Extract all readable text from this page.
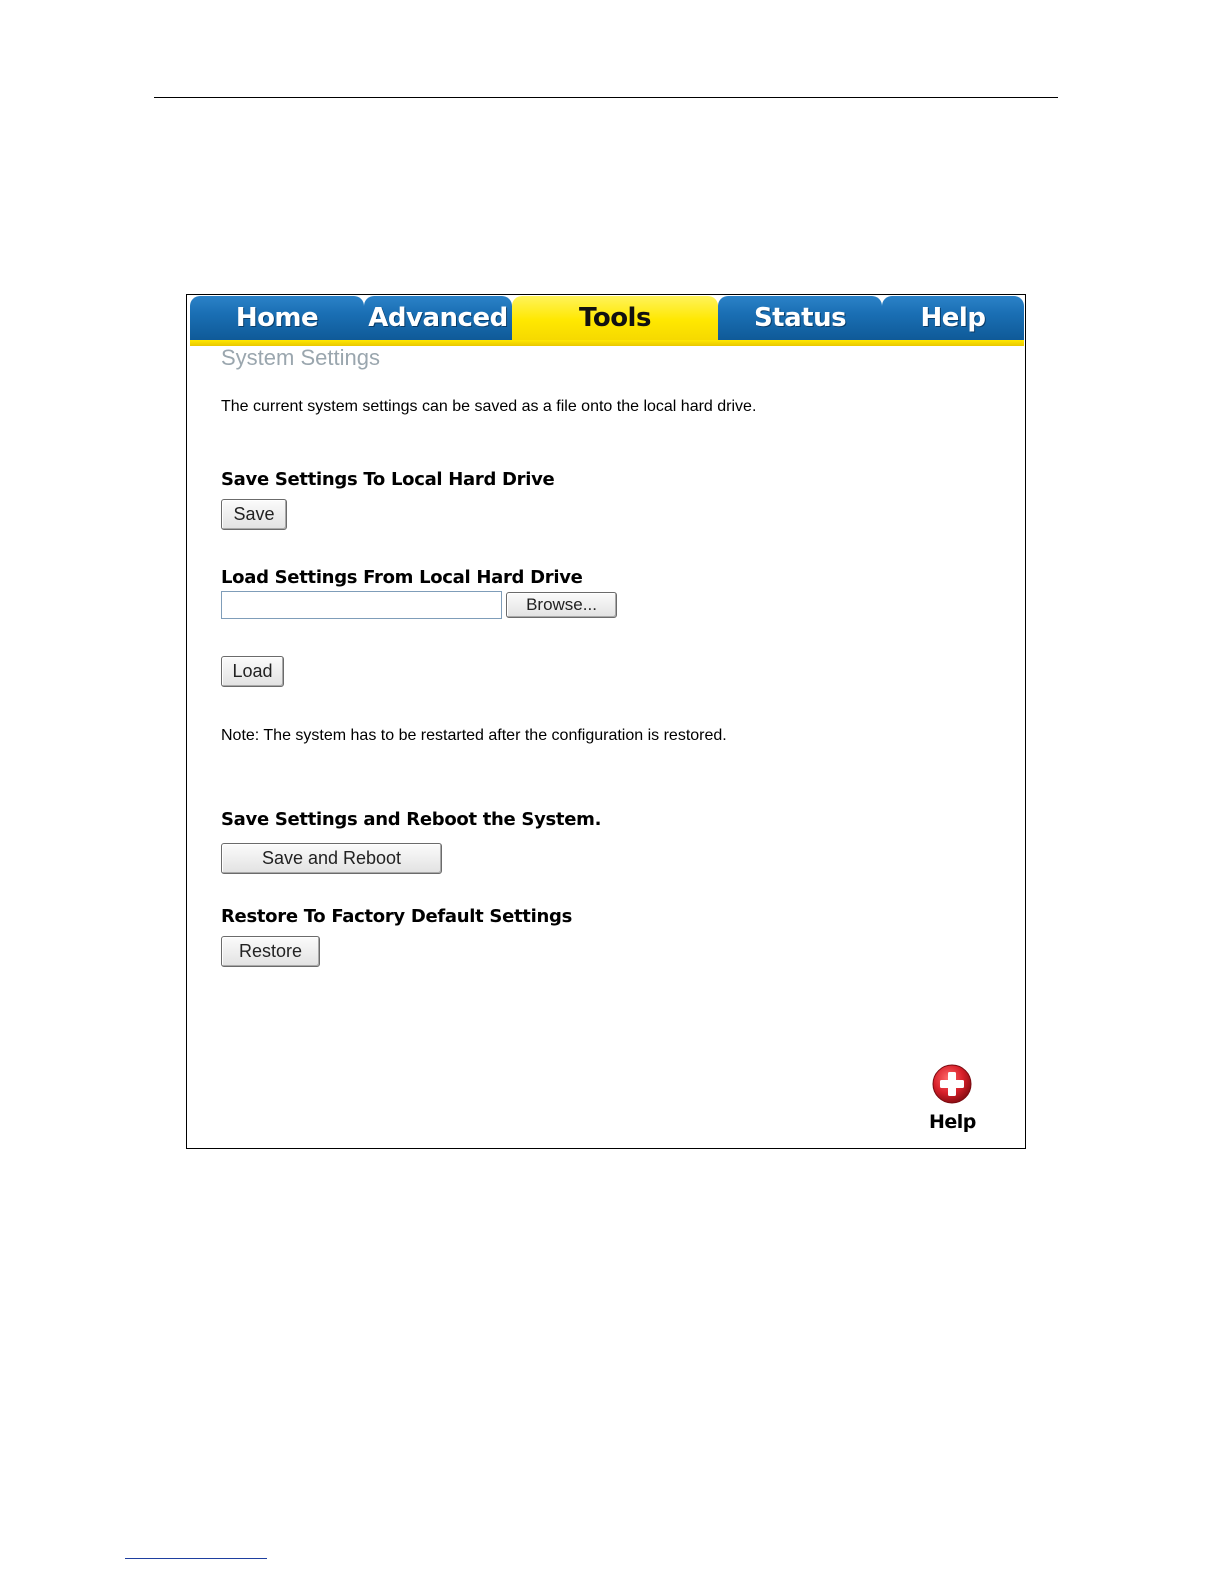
Home Advanced	Tools	Status	Help
System Settings
The current system settings can be saved as a file onto the local hard drive.
Save Settings To Local Hard Drive
Save
Load Settings From Local Hard Drive
Browse...
Load
Note: The system has to be restarted after the configuration is restored.
Save Settings and Reboot the System.
Save and Reboot
Restore To Factory Default Settings
Restore
Help
